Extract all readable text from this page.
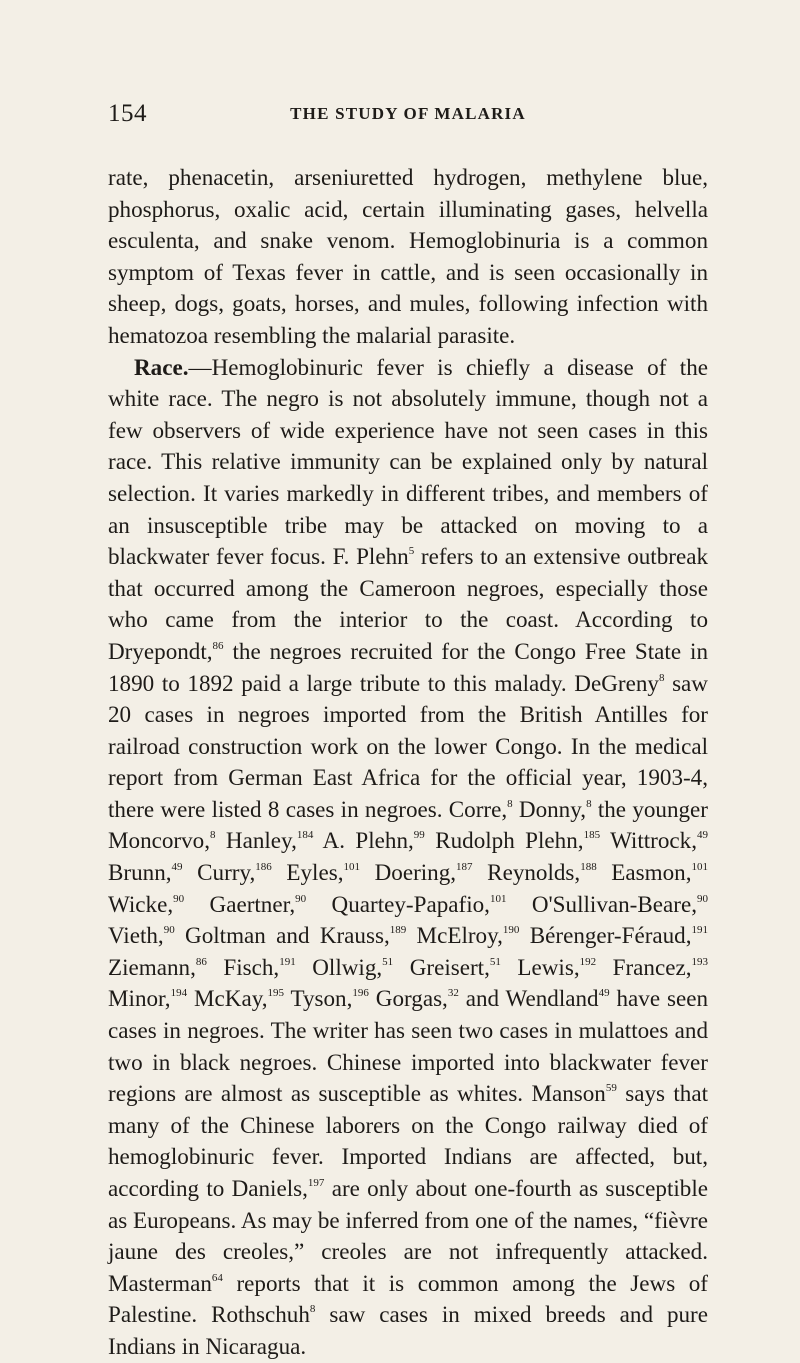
154	THE STUDY OF MALARIA

rate, phenacetin, arseniuretted hydrogen, methylene blue, phosphorus, oxalic acid, certain illuminating gases, helvella esculenta, and snake venom. Hemoglobinuria is a common symptom of Texas fever in cattle, and is seen occasionally in sheep, dogs, goats, horses, and mules, following infection with hematozoa resembling the malarial parasite.

Race.—Hemoglobinuric fever is chiefly a disease of the white race. The negro is not absolutely immune, though not a few observers of wide experience have not seen cases in this race. This relative immunity can be explained only by natural selection. It varies markedly in different tribes, and members of an insusceptible tribe may be attacked on moving to a blackwater fever focus. F. Plehn$^5$ refers to an extensive outbreak that occurred among the Cameroon negroes, especially those who came from the interior to the coast. According to Dryepondt,$^{86}$ the negroes recruited for the Congo Free State in 1890 to 1892 paid a large tribute to this malady. DeGreny$^8$ saw 20 cases in negroes imported from the British Antilles for railroad construction work on the lower Congo. In the medical report from German East Africa for the official year, 1903-4, there were listed 8 cases in negroes. Corre,$^8$ Donny,$^8$ the younger Moncorvo,$^8$ Hanley,$^{184}$ A. Plehn,$^{99}$ Rudolph Plehn,$^{185}$ Wittrock,$^{49}$ Brunn,$^{49}$ Curry,$^{186}$ Eyles,$^{101}$ Doering,$^{187}$ Reynolds,$^{188}$ Easmon,$^{101}$ Wicke,$^{90}$ Gaertner,$^{90}$ Quartey-Papafio,$^{101}$ O'Sullivan-Beare,$^{90}$ Vieth,$^{90}$ Goltman and Krauss,$^{189}$ McElroy,$^{190}$ Bérenger-Féraud,$^{191}$ Ziemann,$^{86}$ Fisch,$^{191}$ Ollwig,$^{51}$ Greisert,$^{51}$ Lewis,$^{192}$ Francez,$^{193}$ Minor,$^{194}$ McKay,$^{195}$ Tyson,$^{196}$ Gorgas,$^{32}$ and Wendland$^{49}$ have seen cases in negroes. The writer has seen two cases in mulattoes and two in black negroes. Chinese imported into blackwater fever regions are almost as susceptible as whites. Manson$^{59}$ says that many of the Chinese laborers on the Congo railway died of hemoglobinuric fever. Imported Indians are affected, but, according to Daniels,$^{197}$ are only about one-fourth as susceptible as Europeans. As may be inferred from one of the names, “fièvre jaune des creoles,” creoles are not infrequently attacked. Masterman$^{64}$ reports that it is common among the Jews of Palestine. Rothschuh$^8$ saw cases in mixed breeds and pure Indians in Nicaragua.
